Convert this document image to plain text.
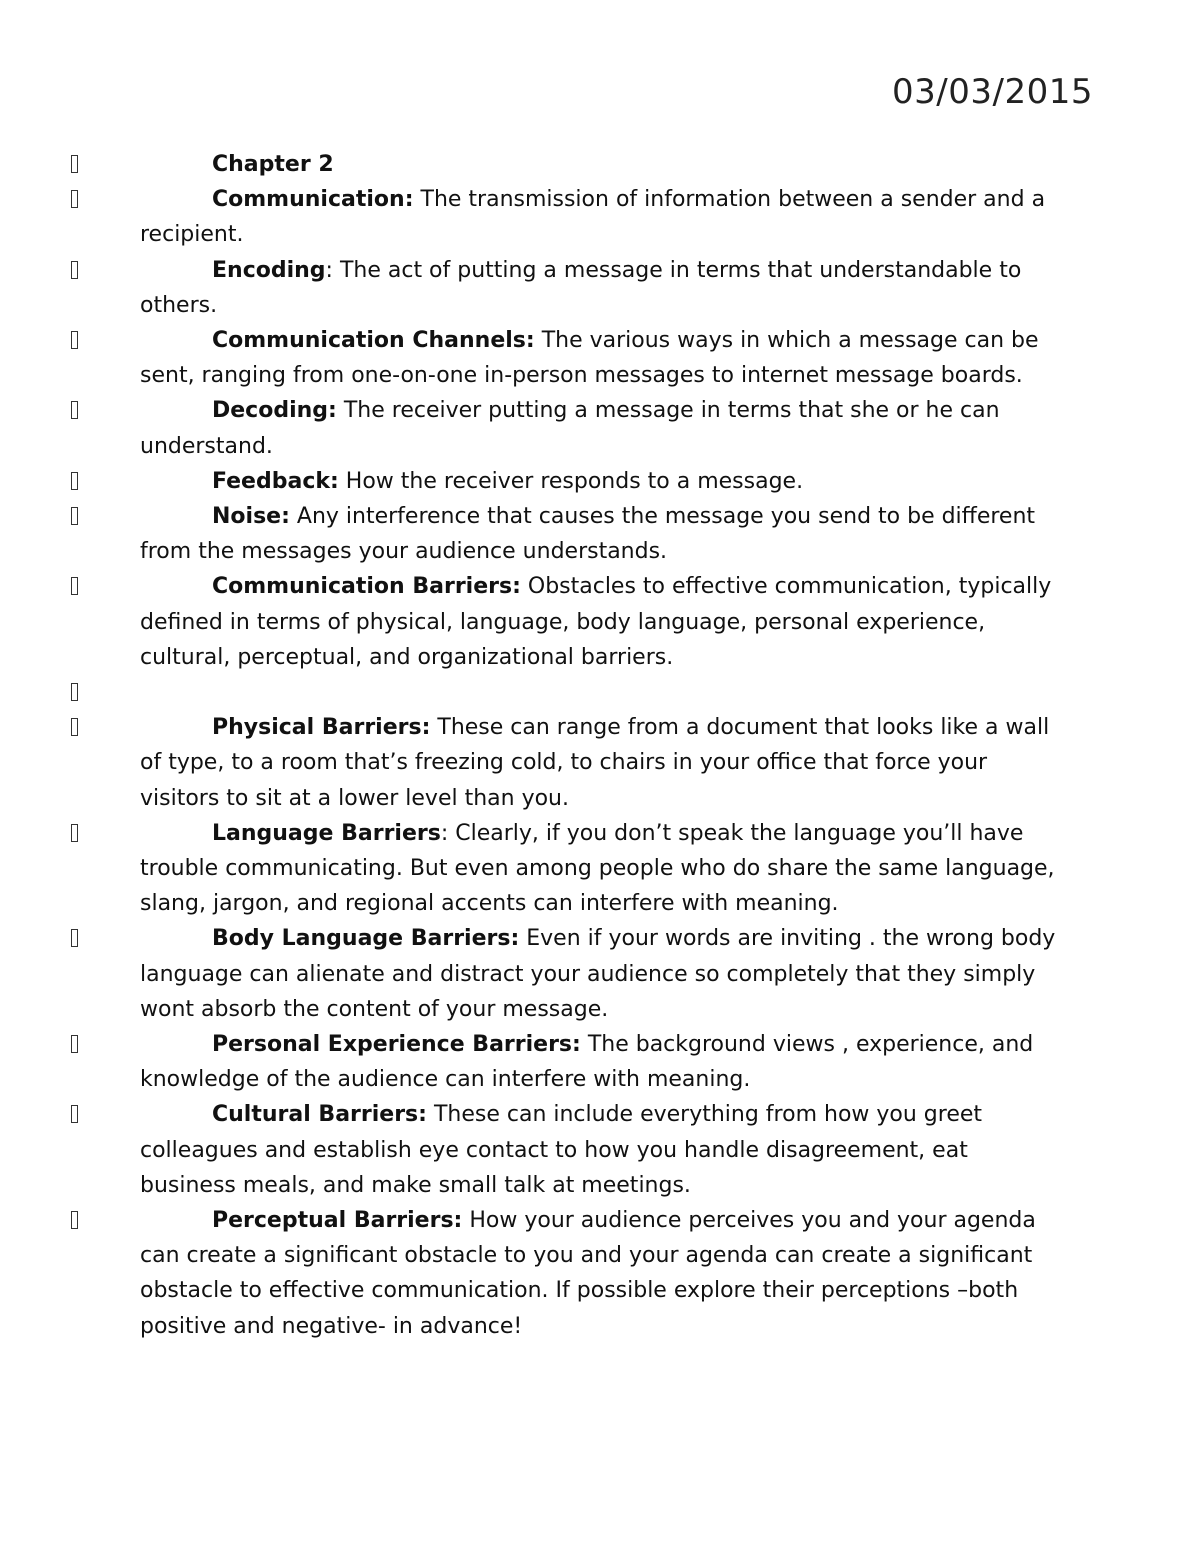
03/03/2015

Chapter 2

Communication: The transmission of information between a sender and a recipient.

Encoding: The act of putting a message in terms that understandable to others.

Communication Channels: The various ways in which a message can be sent, ranging from one-on-one in-person messages to internet message boards.

Decoding: The receiver putting a message in terms that she or he can understand.

Feedback: How the receiver responds to a message.

Noise: Any interference that causes the message you send to be different from the messages your audience understands.

Communication Barriers: Obstacles to effective communication, typically defined in terms of physical, language, body language, personal experience, cultural, perceptual, and organizational barriers.

Physical Barriers: These can range from a document that looks like a wall of type, to a room that’s freezing cold, to chairs in your office that force your visitors to sit at a lower level than you.

Language Barriers: Clearly, if you don’t speak the language you’ll have trouble communicating. But even among people who do share the same language, slang, jargon, and regional accents can interfere with meaning.

Body Language Barriers: Even if your words are inviting . the wrong body language can alienate and distract your audience so completely that they simply wont absorb the content of your message.

Personal Experience Barriers: The background views , experience, and knowledge of the audience can interfere with meaning.

Cultural Barriers: These can include everything from how you greet colleagues and establish eye contact to how you handle disagreement, eat business meals, and make small talk at meetings.

Perceptual Barriers: How your audience perceives you and your agenda can create a significant obstacle to you and your agenda can create a significant obstacle to effective communication. If possible explore their perceptions –both positive and negative- in advance!
